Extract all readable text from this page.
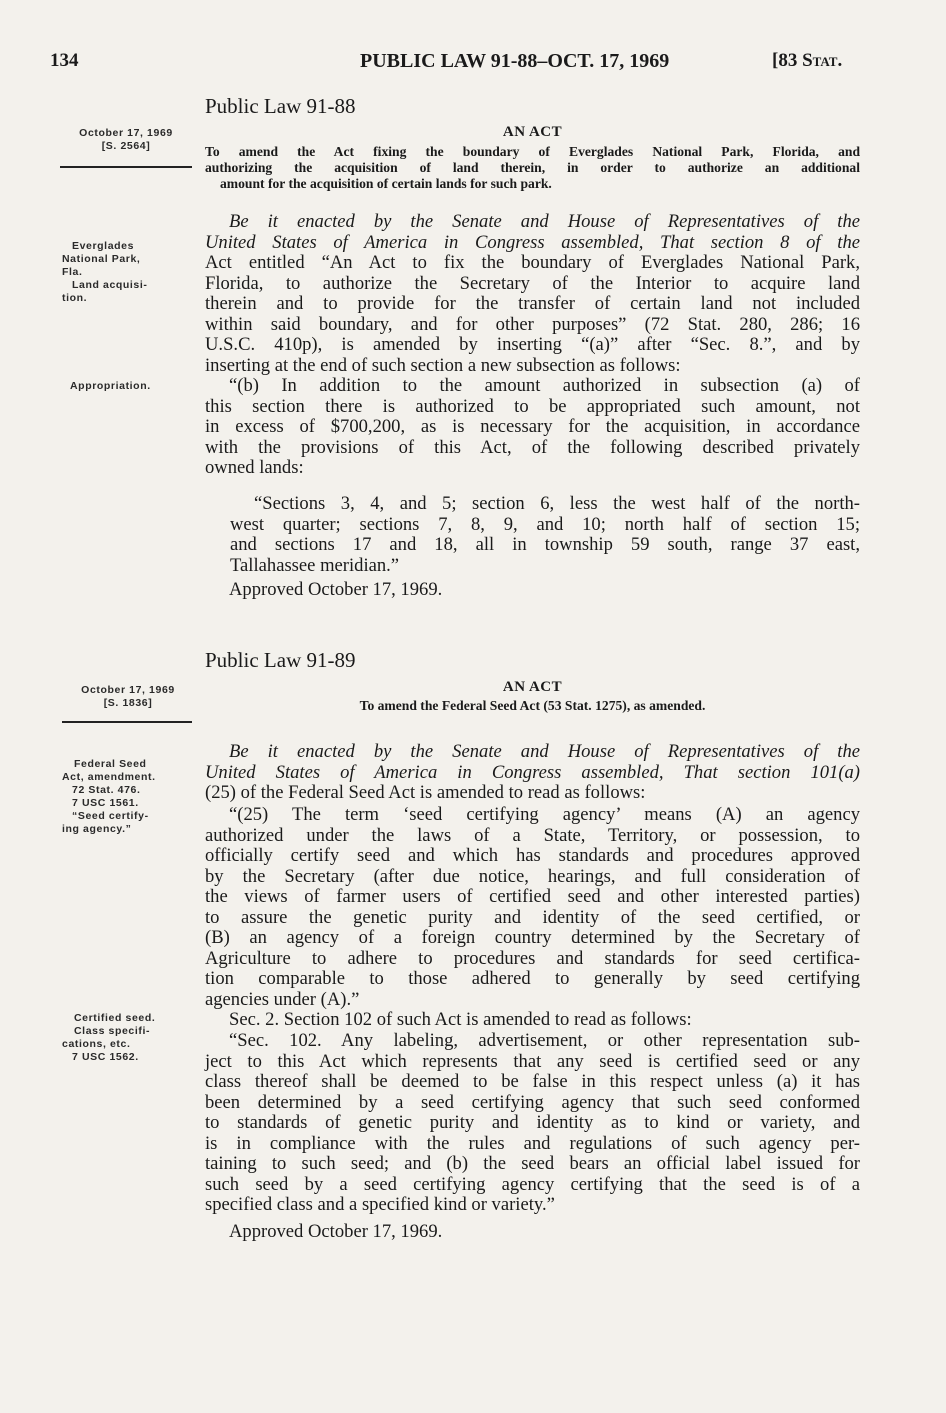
134	PUBLIC LAW 91-88–OCT. 17, 1969	[83 Stat.
Public Law 91-88
October 17, 1969
[S. 2564]
AN ACT
To amend the Act fixing the boundary of Everglades National Park, Florida, and
authorizing the acquisition of land therein, in order to authorize an additional
amount for the acquisition of certain lands for such park.
Everglades
National Park,
Fla.
Land acquisi-
tion.
Appropriation.
Be it enacted by the Senate and House of Representatives of the
United States of America in Congress assembled, That section 8 of the
Act entitled “An Act to fix the boundary of Everglades National Park,
Florida, to authorize the Secretary of the Interior to acquire land
therein and to provide for the transfer of certain land not included
within said boundary, and for other purposes” (72 Stat. 280, 286; 16
U.S.C. 410p), is amended by inserting “(a)” after “Sec. 8.”, and by
inserting at the end of such section a new subsection as follows:
“(b) In addition to the amount authorized in subsection (a) of
this section there is authorized to be appropriated such amount, not
in excess of $700,200, as is necessary for the acquisition, in accordance
with the provisions of this Act, of the following described privately
owned lands:
“Sections 3, 4, and 5; section 6, less the west half of the north-
west quarter; sections 7, 8, 9, and 10; north half of section 15;
and sections 17 and 18, all in township 59 south, range 37 east,
Tallahassee meridian.”
Approved October 17, 1969.
Public Law 91-89
October 17, 1969
[S. 1836]
AN ACT
To amend the Federal Seed Act (53 Stat. 1275), as amended.
Federal Seed
Act, amendment.
72 Stat. 476.
7 USC 1561.
“Seed certify-
ing agency.”
Certified seed.
Class specifi-
cations, etc.
7 USC 1562.
Be it enacted by the Senate and House of Representatives of the
United States of America in Congress assembled, That section 101(a)
(25) of the Federal Seed Act is amended to read as follows:
“(25) The term ‘seed certifying agency’ means (A) an agency
authorized under the laws of a State, Territory, or possession, to
officially certify seed and which has standards and procedures approved
by the Secretary (after due notice, hearings, and full consideration of
the views of farmer users of certified seed and other interested parties)
to assure the genetic purity and identity of the seed certified, or
(B) an agency of a foreign country determined by the Secretary of
Agriculture to adhere to procedures and standards for seed certifica-
tion comparable to those adhered to generally by seed certifying
agencies under (A).”
Sec. 2. Section 102 of such Act is amended to read as follows:
“Sec. 102. Any labeling, advertisement, or other representation sub-
ject to this Act which represents that any seed is certified seed or any
class thereof shall be deemed to be false in this respect unless (a) it has
been determined by a seed certifying agency that such seed conformed
to standards of genetic purity and identity as to kind or variety, and
is in compliance with the rules and regulations of such agency per-
taining to such seed; and (b) the seed bears an official label issued for
such seed by a seed certifying agency certifying that the seed is of a
specified class and a specified kind or variety.”
Approved October 17, 1969.
